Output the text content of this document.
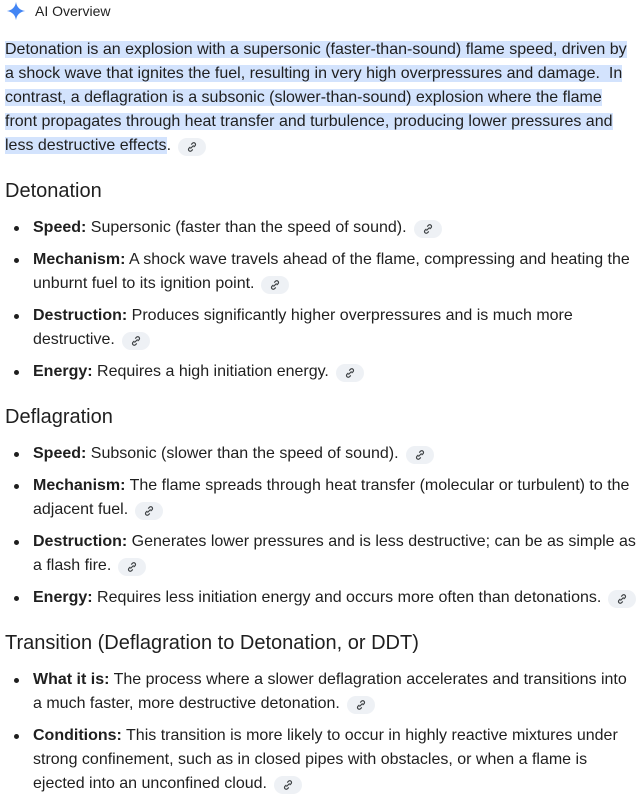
AI Overview
Detonation is an explosion with a supersonic (faster-than-sound) flame speed, driven by a shock wave that ignites the fuel, resulting in very high overpressures and damage. In contrast, a deflagration is a subsonic (slower-than-sound) explosion where the flame front propagates through heat transfer and turbulence, producing lower pressures and less destructive effects.
Detonation
Speed: Supersonic (faster than the speed of sound).
Mechanism: A shock wave travels ahead of the flame, compressing and heating the unburnt fuel to its ignition point.
Destruction: Produces significantly higher overpressures and is much more destructive.
Energy: Requires a high initiation energy.
Deflagration
Speed: Subsonic (slower than the speed of sound).
Mechanism: The flame spreads through heat transfer (molecular or turbulent) to the adjacent fuel.
Destruction: Generates lower pressures and is less destructive; can be as simple as a flash fire.
Energy: Requires less initiation energy and occurs more often than detonations.
Transition (Deflagration to Detonation, or DDT)
What it is: The process where a slower deflagration accelerates and transitions into a much faster, more destructive detonation.
Conditions: This transition is more likely to occur in highly reactive mixtures under strong confinement, such as in closed pipes with obstacles, or when a flame is ejected into an unconfined cloud.
